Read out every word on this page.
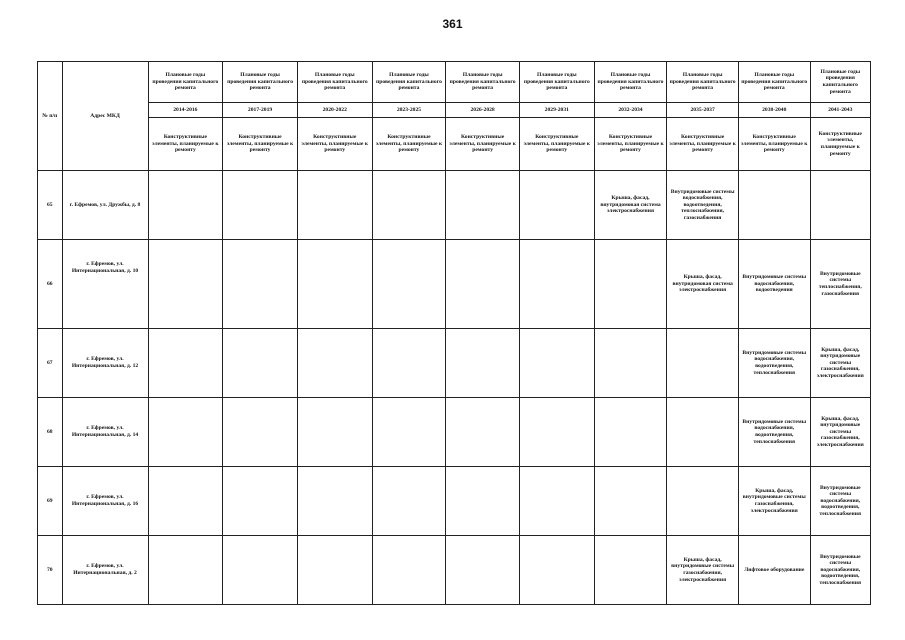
361
№ п/п	Адрес МКД	Плановые годы проведения капитального ремонта	Плановые годы проведения капитального ремонта	Плановые годы проведения капитального ремонта	Плановые годы проведения капитального ремонта	Плановые годы проведения капитального ремонта	Плановые годы проведения капитального ремонта	Плановые годы проведения капитального ремонта	Плановые годы проведения капитального ремонта	Плановые годы проведения капитального ремонта	Плановые годы проведения капитального ремонта
		2014-2016	2017-2019	2020-2022	2023-2025	2026-2028	2029-2031	2032-2034	2035-2037	2038-2040	2041-2043
		Конструктивные элементы, планируемые к ремонту	Конструктивные элементы, планируемые к ремонту	Конструктивные элементы, планируемые к ремонту	Конструктивные элементы, планируемые к ремонту	Конструктивные элементы, планируемые к ремонту	Конструктивные элементы, планируемые к ремонту	Конструктивные элементы, планируемые к ремонту	Конструктивные элементы, планируемые к ремонту	Конструктивные элементы, планируемые к ремонту	Конструктивные элементы, планируемые к ремонту
65	г. Ефремов, ул. Дружбы, д. 8							Крыша, фасад, внутридомовая система электроснабжения	Внутридомовые системы водоснабжения, водоотведения, теплоснабжения, газоснабжения		
66	г. Ефремов, ул. Интернациональная, д. 10								Крыша, фасад, внутридомовая система электроснабжения	Внутридомовые системы водоснабжения, водоотведения	Внутридомовые системы теплоснабжения, газоснабжения
67	г. Ефремов, ул. Интернациональная, д. 12									Внутридомовые системы водоснабжения, водоотведения, теплоснабжения	Крыша, фасад, внутридомовые системы газоснабжения, электроснабжения
68	г. Ефремов, ул. Интернациональная, д. 14									Внутридомовые системы водоснабжения, водоотведения, теплоснабжения	Крыша, фасад, внутридомовые системы газоснабжения, электроснабжения
69	г. Ефремов, ул. Интернациональная, д. 16									Крыша, фасад, внутридомовые системы газоснабжения, электроснабжения	Внутридомовые системы водоснабжения, водоотведения, теплоснабжения
70	г. Ефремов, ул. Интернациональная, д. 2								Крыша, фасад, внутридомовые системы газоснабжения, электроснабжения	Лифтовое оборудование	Внутридомовые системы водоснабжения, водоотведения, теплоснабжения
